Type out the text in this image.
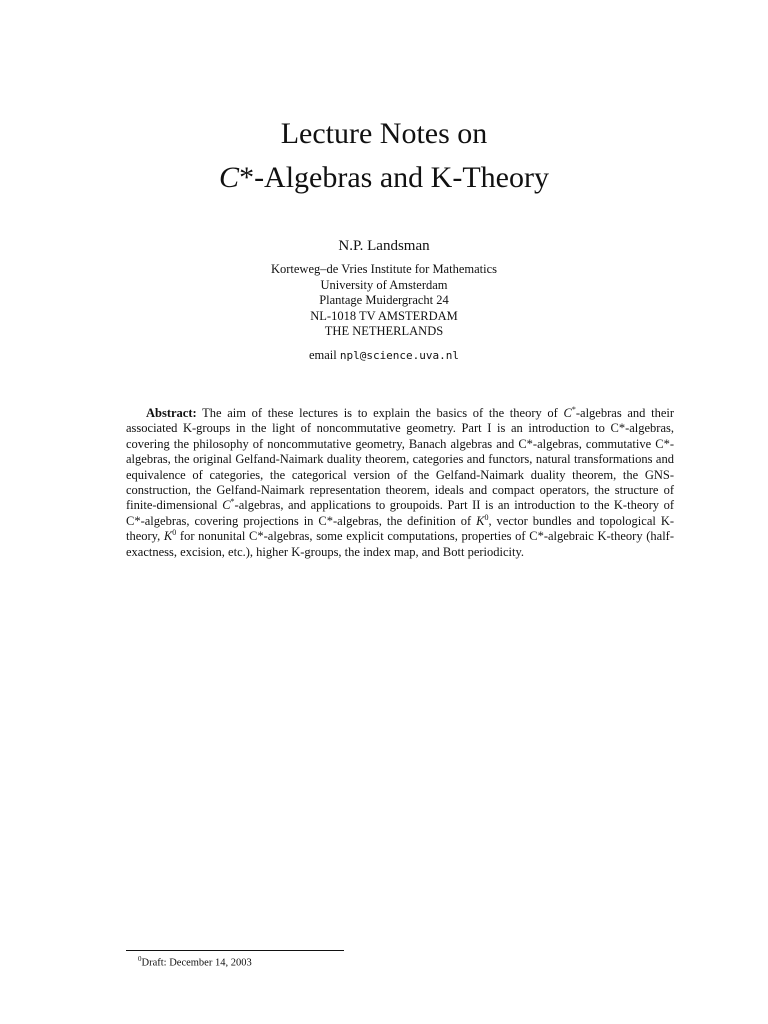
Lecture Notes on

C*-Algebras and K-Theory

N.P. Landsman
Korteweg–de Vries Institute for Mathematics
University of Amsterdam
Plantage Muidergracht 24
NL-1018 TV AMSTERDAM
THE NETHERLANDS
email npl@science.uva.nl

Abstract: The aim of these lectures is to explain the basics of the theory of C*-algebras and their associated K-groups in the light of noncommutative geometry. Part I is an introduction to C*-algebras, covering the philosophy of noncommutative geometry, Banach algebras and C*-algebras, commutative C*-algebras, the original Gelfand-Naimark duality theorem, categories and functors, natural transformations and equivalence of categories, the categorical version of the Gelfand-Naimark duality theorem, the GNS-construction, the Gelfand-Naimark representation theorem, ideals and compact operators, the structure of finite-dimensional C*-algebras, and applications to groupoids. Part II is an introduction to the K-theory of C*-algebras, covering projections in C*-algebras, the definition of $K^0$, vector bundles and topological K-theory, $K^0$ for nonunital C*-algebras, some explicit computations, properties of C*-algebraic K-theory (half-exactness, excision, etc.), higher K-groups, the index map, and Bott periodicity.

$^0$Draft: December 14, 2003
